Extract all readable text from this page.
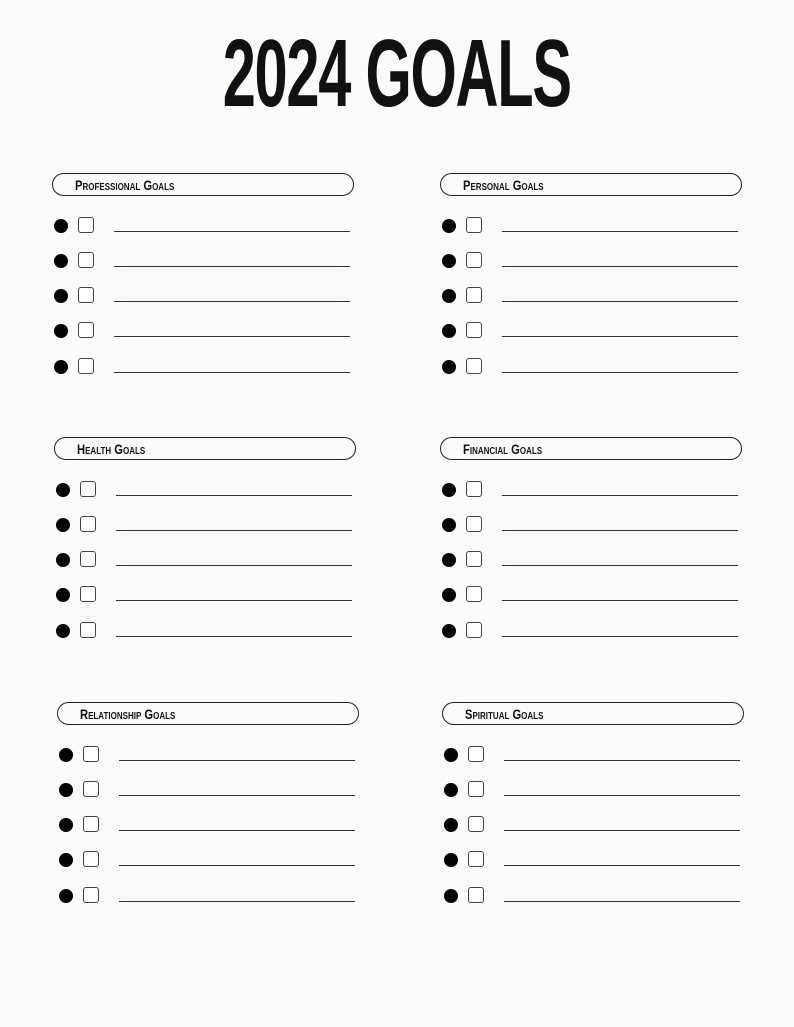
2024 GOALS
Professional Goals	Personal Goals
Health Goals	Financial Goals
Relationship Goals	Spiritual Goals
